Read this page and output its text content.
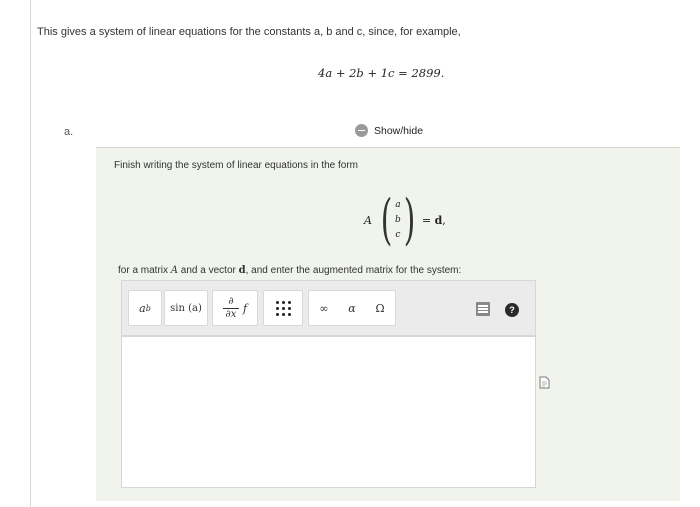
This gives a system of linear equations for the constants a, b and c, since, for example,
4a + 2b + 1c = 2899.
a.	Show/hide
Finish writing the system of linear equations in the form
A ( a
b
c ) = d,
for a matrix A and a vector d, and enter the augmented matrix for the system:
a b	sin (a)	$\frac{\partial}{\partial x}$ f	∞	α	Ω	?
